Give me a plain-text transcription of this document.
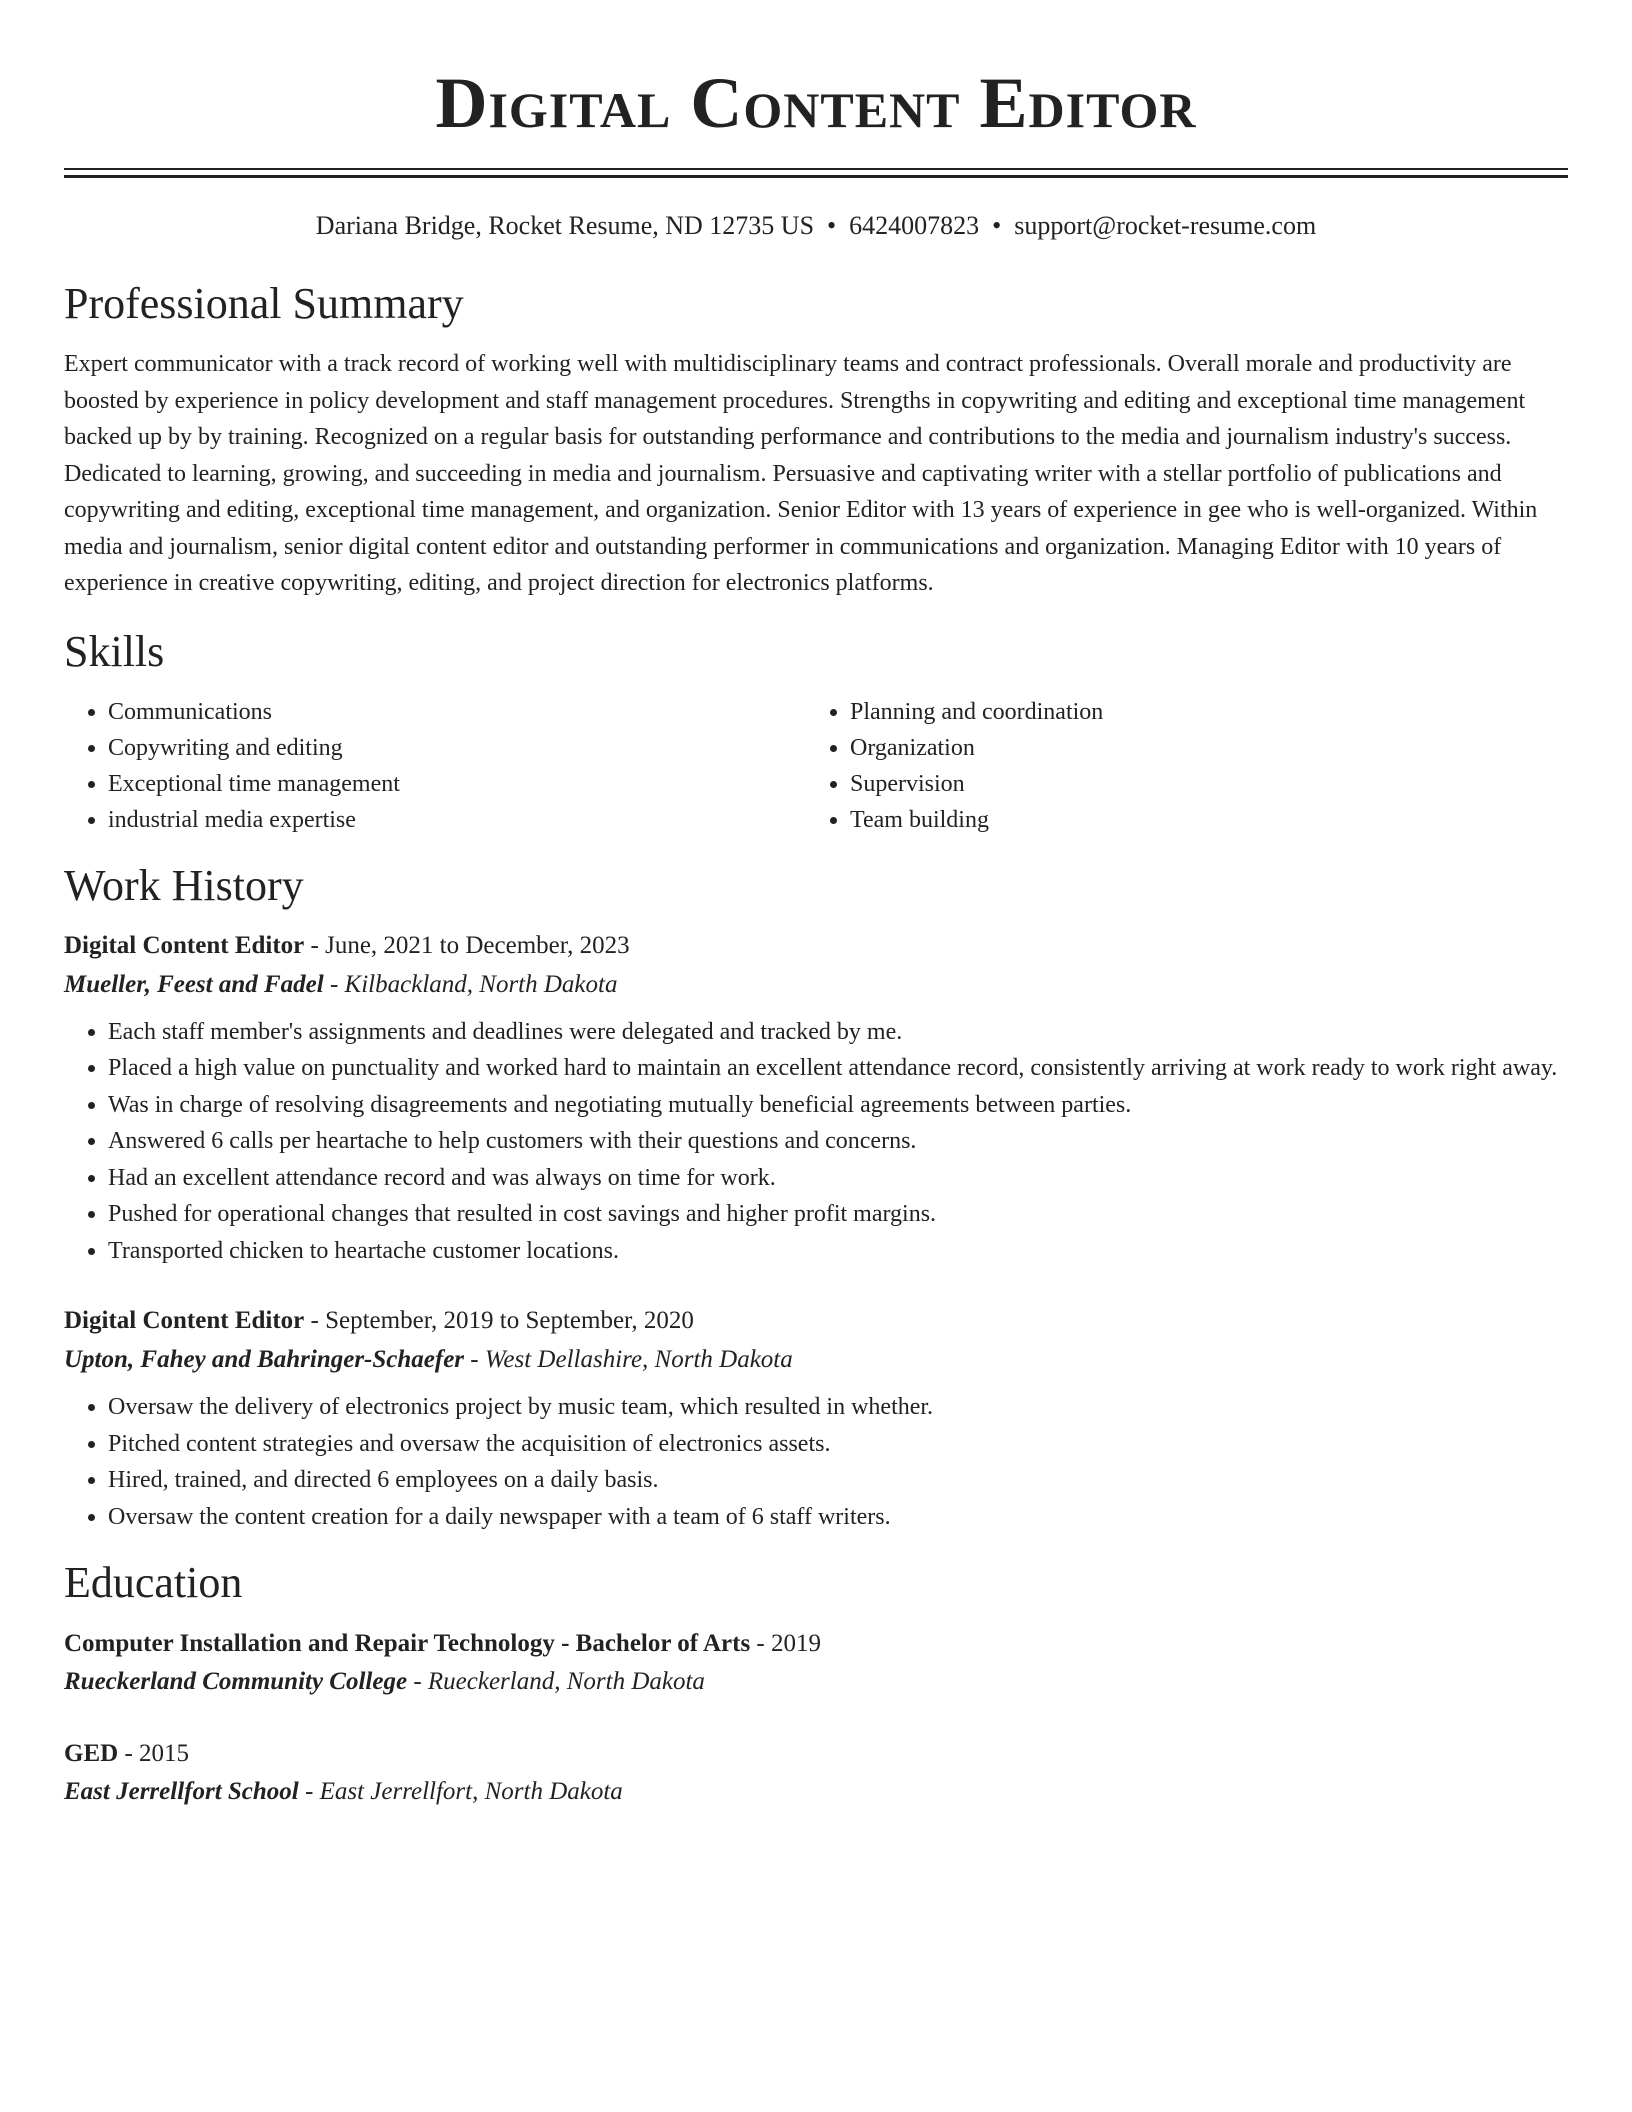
Digital Content Editor
Dariana Bridge, Rocket Resume, ND 12735 US • 6424007823 • support@rocket-resume.com
Professional Summary

Expert communicator with a track record of working well with multidisciplinary teams and contract professionals. Overall morale and productivity are boosted by experience in policy development and staff management procedures. Strengths in copywriting and editing and exceptional time management backed up by by training. Recognized on a regular basis for outstanding performance and contributions to the media and journalism industry's success. Dedicated to learning, growing, and succeeding in media and journalism. Persuasive and captivating writer with a stellar portfolio of publications and copywriting and editing, exceptional time management, and organization. Senior Editor with 13 years of experience in gee who is well-organized. Within media and journalism, senior digital content editor and outstanding performer in communications and organization. Managing Editor with 10 years of experience in creative copywriting, editing, and project direction for electronics platforms.

Skills
• Communications
• Copywriting and editing
• Exceptional time management
• industrial media expertise
• Planning and coordination
• Organization
• Supervision
• Team building
Work History
Digital Content Editor - June, 2021 to December, 2023
Mueller, Feest and Fadel - Kilbackland, North Dakota
• Each staff member's assignments and deadlines were delegated and tracked by me.
• Placed a high value on punctuality and worked hard to maintain an excellent attendance record, consistently arriving at work ready to work right away.
• Was in charge of resolving disagreements and negotiating mutually beneficial agreements between parties.
• Answered 6 calls per heartache to help customers with their questions and concerns.
• Had an excellent attendance record and was always on time for work.
• Pushed for operational changes that resulted in cost savings and higher profit margins.
• Transported chicken to heartache customer locations.
Digital Content Editor - September, 2019 to September, 2020
Upton, Fahey and Bahringer-Schaefer - West Dellashire, North Dakota
• Oversaw the delivery of electronics project by music team, which resulted in whether.
• Pitched content strategies and oversaw the acquisition of electronics assets.
• Hired, trained, and directed 6 employees on a daily basis.
• Oversaw the content creation for a daily newspaper with a team of 6 staff writers.
Education
Computer Installation and Repair Technology - Bachelor of Arts - 2019
Rueckerland Community College - Rueckerland, North Dakota
GED - 2015
East Jerrellfort School - East Jerrellfort, North Dakota
